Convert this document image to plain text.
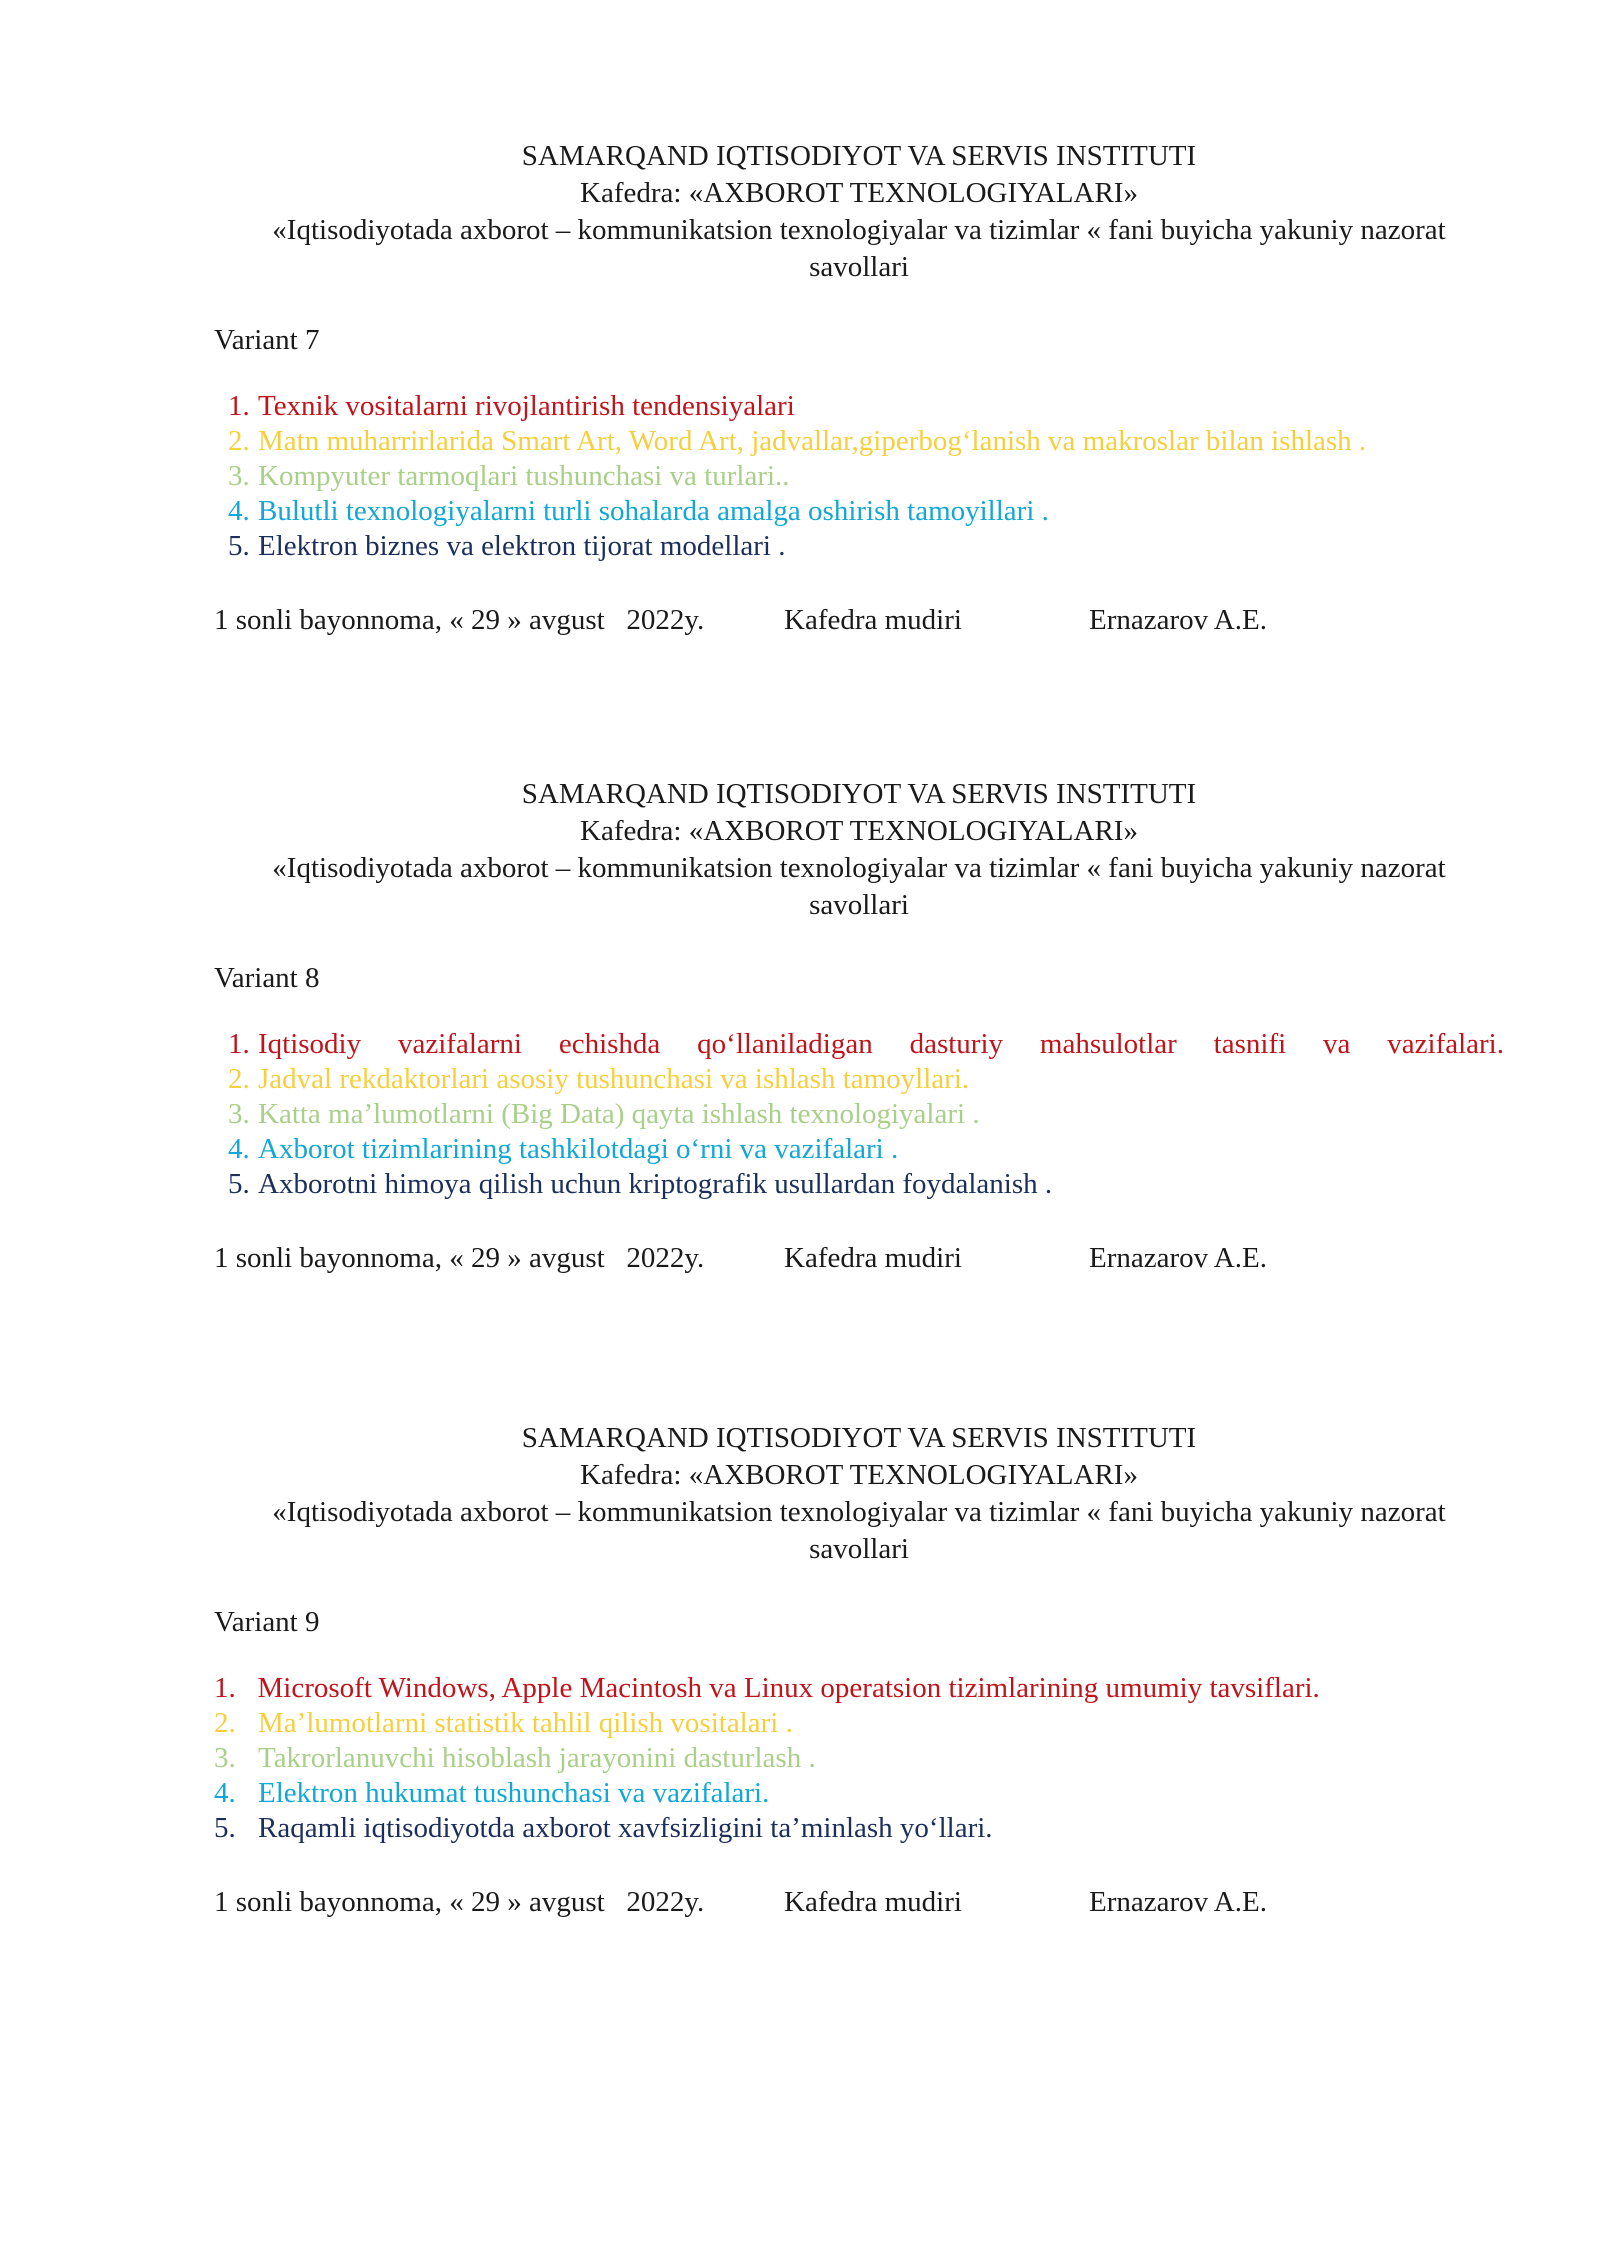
SAMARQAND IQTISODIYOT VA SERVIS INSTITUTI
Kafedra: «AXBOROT TEXNOLOGIYALARI»
«Iqtisodiyotada axborot – kommunikatsion texnologiyalar va tizimlar « fani buyicha yakuniy nazorat savollari
Variant 7
1. Texnik vositalarni rivojlantirish tendensiyalari
2. Matn muharrirlarida Smart Art, Word Art, jadvallar,giperbog‘lanish va makroslar bilan ishlash .
3. Kompyuter tarmoqlari tushunchasi va turlari..
4. Bulutli texnologiyalarni turli sohalarda amalga oshirish tamoyillari .
5. Elektron biznes va elektron tijorat modellari .
1 sonli bayonnoma, « 29 » avgust   2022y.	Kafedra mudiri	Ernazarov A.E.
SAMARQAND IQTISODIYOT VA SERVIS INSTITUTI
Kafedra: «AXBOROT TEXNOLOGIYALARI»
«Iqtisodiyotada axborot – kommunikatsion texnologiyalar va tizimlar « fani buyicha yakuniy nazorat savollari
Variant 8
1. Iqtisodiy vazifalarni echishda qo‘llaniladigan dasturiy mahsulotlar tasnifi va vazifalari.
2. Jadval rekdaktorlari asosiy tushunchasi va ishlash tamoyllari.
3. Katta ma’lumotlarni (Big Data) qayta ishlash texnologiyalari .
4. Axborot tizimlarining tashkilotdagi o‘rni va vazifalari .
5. Axborotni himoya qilish uchun kriptografik usullardan foydalanish .
1 sonli bayonnoma, « 29 » avgust   2022y.	Kafedra mudiri	Ernazarov A.E.
SAMARQAND IQTISODIYOT VA SERVIS INSTITUTI
Kafedra: «AXBOROT TEXNOLOGIYALARI»
«Iqtisodiyotada axborot – kommunikatsion texnologiyalar va tizimlar « fani buyicha yakuniy nazorat savollari
Variant 9
1. Microsoft Windows, Apple Macintosh va Linux operatsion tizimlarining umumiy tavsiflari.
2. Ma’lumotlarni statistik tahlil qilish vositalari .
3. Takrorlanuvchi hisoblash jarayonini dasturlash .
4. Elektron hukumat tushunchasi va vazifalari.
5. Raqamli iqtisodiyotda axborot xavfsizligini ta’minlash yo‘llari.
1 sonli bayonnoma, « 29 » avgust   2022y.	Kafedra mudiri	Ernazarov A.E.
